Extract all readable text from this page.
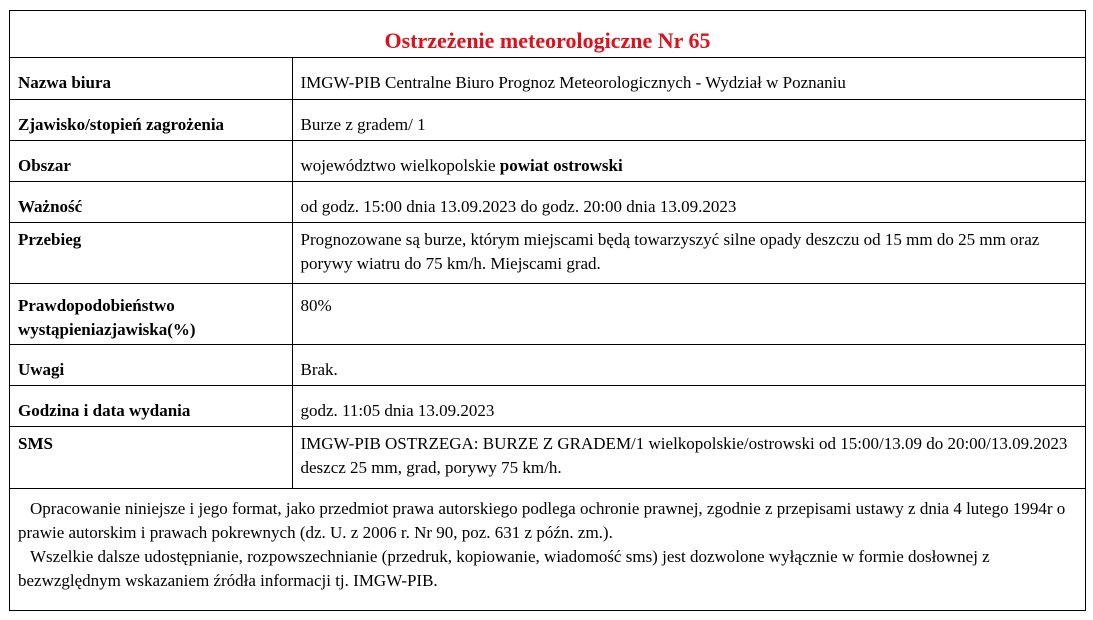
Ostrzeżenie meteorologiczne Nr 65
Nazwa biura	IMGW-PIB Centralne Biuro Prognoz Meteorologicznych - Wydział w Poznaniu
Zjawisko/stopień zagrożenia	Burze z gradem/ 1
Obszar	województwo wielkopolskie powiat ostrowski
Ważność	od godz. 15:00 dnia 13.09.2023 do godz. 20:00 dnia 13.09.2023
Przebieg	Prognozowane są burze, którym miejscami będą towarzyszyć silne opady deszczu od 15 mm do 25 mm oraz porywy wiatru do 75 km/h. Miejscami grad.
Prawdopodobieństwo wystąpieniazjawiska(%)	80%
Uwagi	Brak.
Godzina i data wydania	godz. 11:05 dnia 13.09.2023
SMS	IMGW-PIB OSTRZEGA: BURZE Z GRADEM/1 wielkopolskie/ostrowski od 15:00/13.09 do 20:00/13.09.2023 deszcz 25 mm, grad, porywy 75 km/h.

Opracowanie niniejsze i jego format, jako przedmiot prawa autorskiego podlega ochronie prawnej, zgodnie z przepisami ustawy z dnia 4 lutego 1994r o prawie autorskim i prawach pokrewnych (dz. U. z 2006 r. Nr 90, poz. 631 z późn. zm.).

Wszelkie dalsze udostępnianie, rozpowszechnianie (przedruk, kopiowanie, wiadomość sms) jest dozwolone wyłącznie w formie dosłownej z bezwzględnym wskazaniem źródła informacji tj. IMGW-PIB.
